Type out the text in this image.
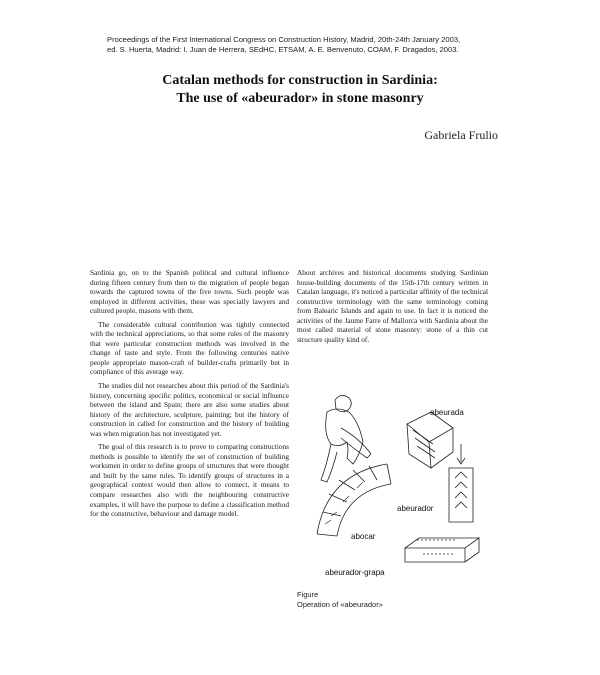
Proceedings of the First International Congress on Construction History, Madrid, 20th-24th January 2003,
ed. S. Huerta, Madrid: I. Juan de Herrera, SEdHC, ETSAM, A. E. Benvenuto, COAM, F. Dragados, 2003.
Catalan methods for construction in Sardinia:
The use of «abeurador» in stone masonry
Gabriela Frulio

Sardinia go, on to the Spanish political and cultural influence during fifteen century from then to the migration of people began towards the captured towns of the five towns. Such people was employed in different activities, these was specially lawyers and cultured people, masons with them.

The considerable cultural contribution was tightly connected with the technical appreciations, so that some rules of the masonry that were particular construction methods was involved in the change of taste and style. From the following centuries native people appropriate mason-craft of builder-crafts primarily but in compliance of this average way.

The studies did not researches about this period of the Sardinia's history, concerning specific politics, economical or social influence between the island and Spain; there are also some studies about history of the architecture, sculpture, painting; but the history of construction in called for construction and the history of building was when migration has not investigated yet.

The goal of this research is to prove to comparing constructions methods is possible to identify the set of construction of building worksmen in order to define groups of structures that were thought and built by the same rules. To identify groups of structures in a geographical context would then allow to connect, it means to compare researches also with the neighbouring constructive examples, it will have the purpose to define a classification method for the constructive, behaviour and damage model.

About archives and historical documents studying Sardinian house-building documents of the 15th-17th century written in Catalan language, it's noticed a particular affinity of the technical constructive terminology with the same terminology coming from Balearic Islands and again to use. In fact it is noticed the activities of the Jaume Farre of Mallorca with Sardinia about the most called material of stone masonry: stone of a thin cut structure quality kind of.

abeurada
abeurador
abocar
abeurador-grapa
Figure
Operation of «abeurador»
